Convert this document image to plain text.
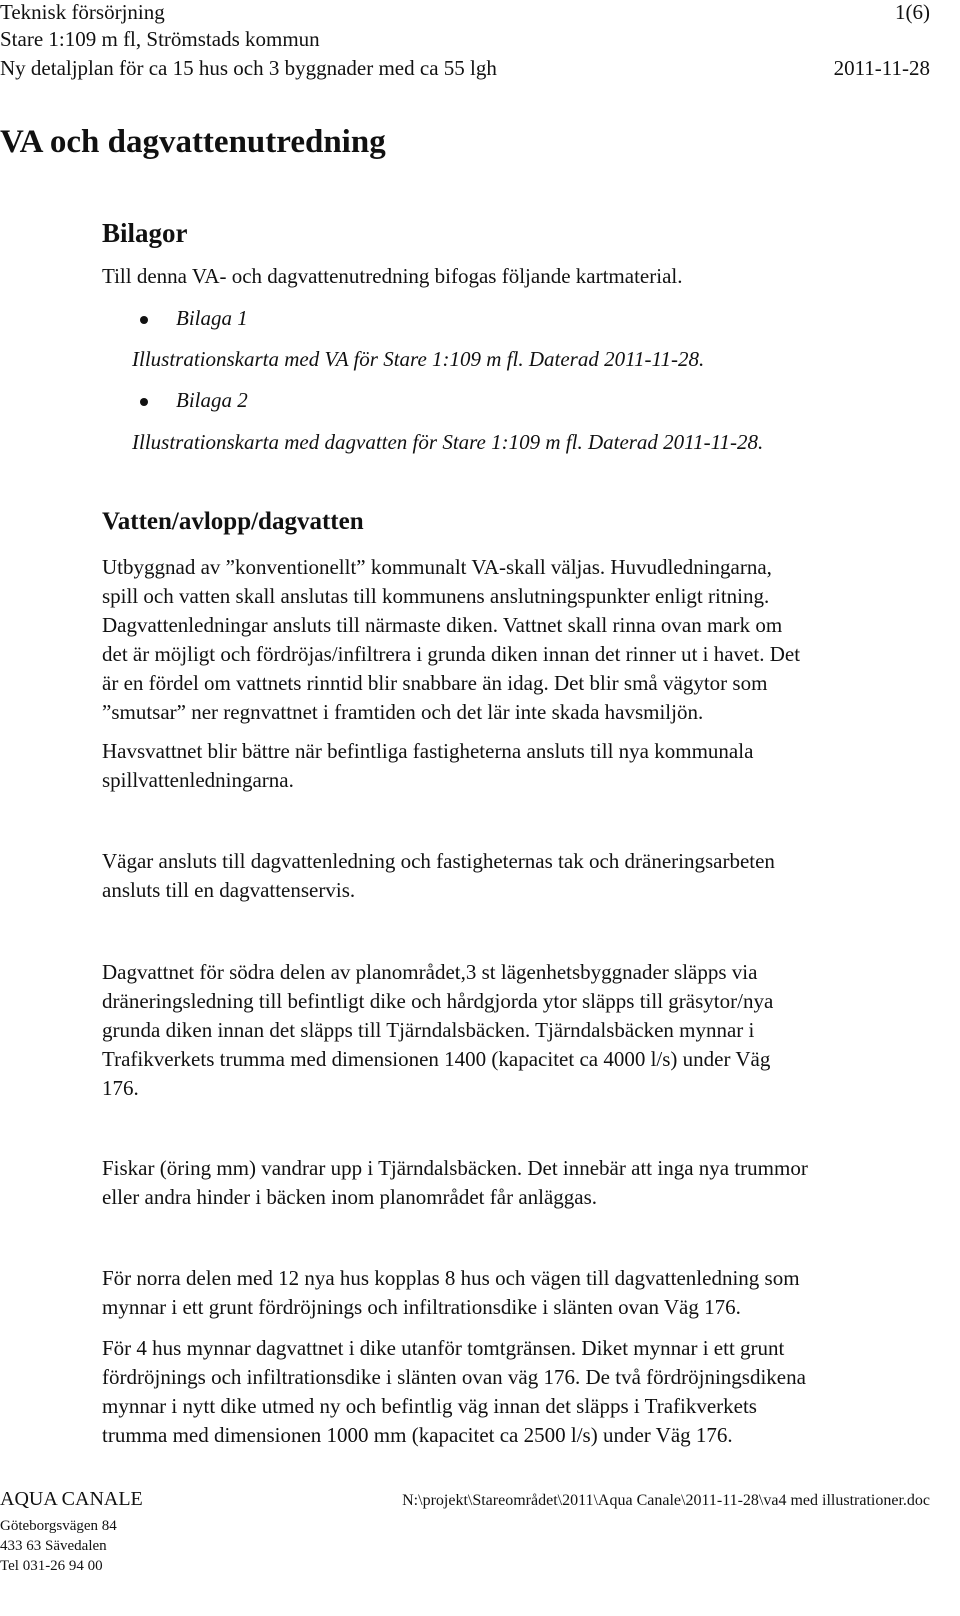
Teknisk försörjning	1(6)
Stare 1:109 m fl, Strömstads kommun
Ny detaljplan för ca 15 hus och 3 byggnader med ca 55 lgh	2011-11-28
VA och dagvattenutredning
Bilagor
Till denna VA- och dagvattenutredning bifogas följande kartmaterial.
Bilaga 1
Illustrationskarta med VA för Stare 1:109 m fl. Daterad 2011-11-28.
Bilaga 2
Illustrationskarta med dagvatten för Stare 1:109 m fl. Daterad 2011-11-28.
Vatten/avlopp/dagvatten
Utbyggnad av ”konventionellt” kommunalt VA-skall väljas. Huvudledningarna,
spill och vatten skall anslutas till kommunens anslutningspunkter enligt ritning.
Dagvattenledningar ansluts till närmaste diken. Vattnet skall rinna ovan mark om
det är möjligt och fördröjas/infiltrera i grunda diken innan det rinner ut i havet. Det
är en fördel om vattnets rinntid blir snabbare än idag. Det blir små vägytor som
”smutsar” ner regnvattnet i framtiden och det lär inte skada havsmiljön.
Havsvattnet blir bättre när befintliga fastigheterna ansluts till nya kommunala
spillvattenledningarna.
Vägar ansluts till dagvattenledning och fastigheternas tak och dräneringsarbeten
ansluts till en dagvattenservis.
Dagvattnet för södra delen av planområdet,3 st lägenhetsbyggnader släpps via
dräneringsledning till befintligt dike och hårdgjorda ytor släpps till gräsytor/nya
grunda diken innan det släpps till Tjärndalsbäcken. Tjärndalsbäcken mynnar i
Trafikverkets trumma med dimensionen 1400 (kapacitet ca 4000 l/s) under Väg
176.
Fiskar (öring mm) vandrar upp i Tjärndalsbäcken. Det innebär att inga nya trummor
eller andra hinder i bäcken inom planområdet får anläggas.
För norra delen med 12 nya hus kopplas 8 hus och vägen till dagvattenledning som
mynnar i ett grunt fördröjnings och infiltrationsdike i slänten ovan Väg 176.
För 4 hus mynnar dagvattnet i dike utanför tomtgränsen. Diket mynnar i ett grunt
fördröjnings och infiltrationsdike i slänten ovan väg 176. De två fördröjningsdikena
mynnar i nytt dike utmed ny och befintlig väg innan det släpps i Trafikverkets
trumma med dimensionen 1000 mm (kapacitet ca 2500 l/s) under Väg 176.
AQUA CANALE	N:\projekt\Stareområdet\2011\Aqua Canale\2011-11-28\va4 med illustrationer.doc
Göteborgsvägen 84
433 63 Sävedalen
Tel 031-26 94 00
